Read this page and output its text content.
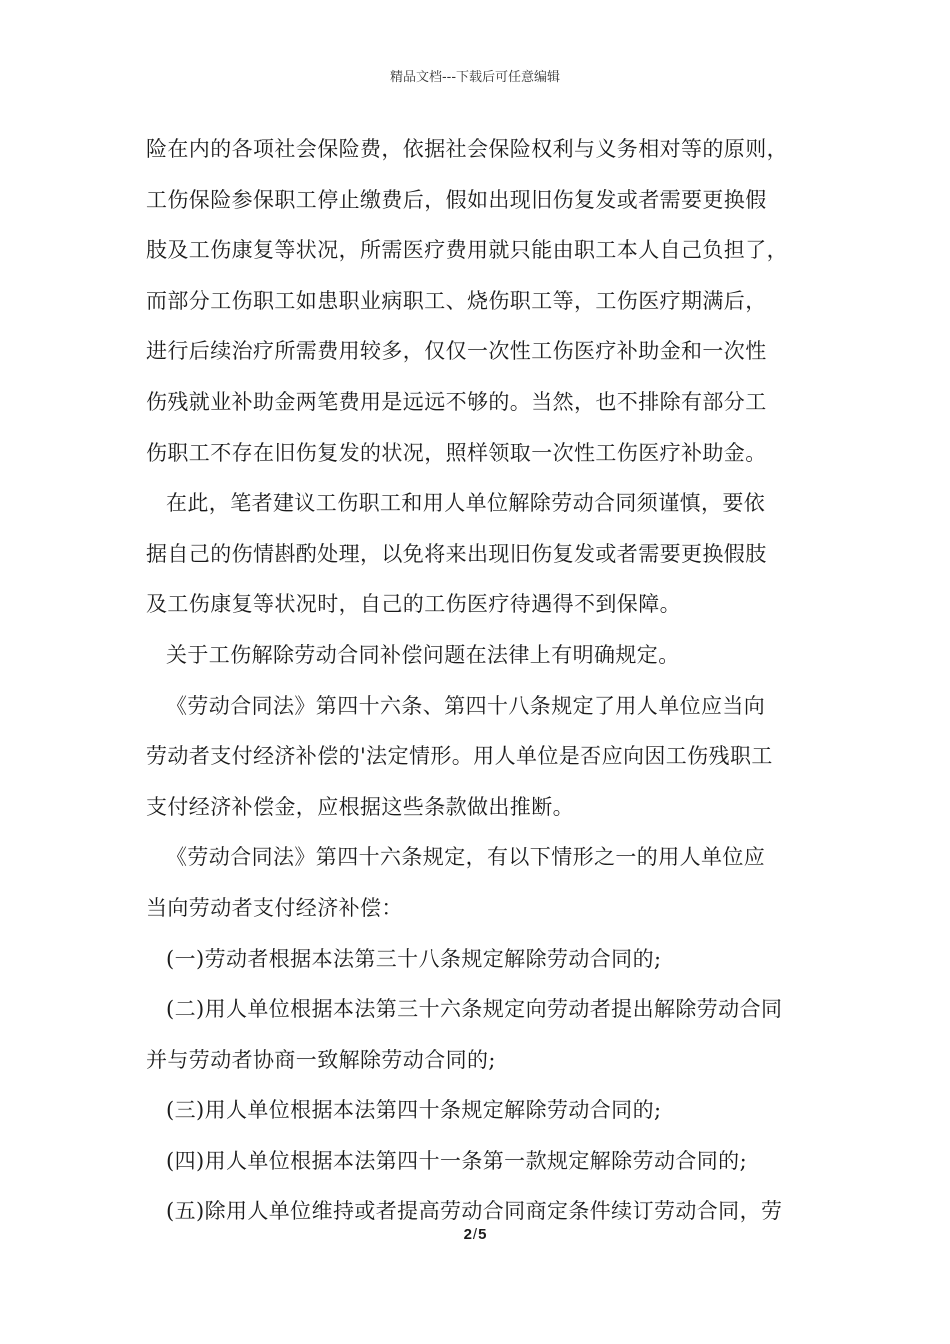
精品文档---下载后可任意编辑
险在内的各项社会保险费，依据社会保险权利与义务相对等的原则，
工伤保险参保职工停止缴费后，假如出现旧伤复发或者需要更换假
肢及工伤康复等状况，所需医疗费用就只能由职工本人自己负担了，
而部分工伤职工如患职业病职工、烧伤职工等，工伤医疗期满后，
进行后续治疗所需费用较多，仅仅一次性工伤医疗补助金和一次性
伤残就业补助金两笔费用是远远不够的。当然，也不排除有部分工
伤职工不存在旧伤复发的状况，照样领取一次性工伤医疗补助金。
在此，笔者建议工伤职工和用人单位解除劳动合同须谨慎，要依
据自己的伤情斟酌处理，以免将来出现旧伤复发或者需要更换假肢
及工伤康复等状况时，自己的工伤医疗待遇得不到保障。
关于工伤解除劳动合同补偿问题在法律上有明确规定。
《劳动合同法》第四十六条、第四十八条规定了用人单位应当向
劳动者支付经济补偿的'法定情形。用人单位是否应向因工伤残职工
支付经济补偿金，应根据这些条款做出推断。
《劳动合同法》第四十六条规定，有以下情形之一的用人单位应
当向劳动者支付经济补偿：
(一)劳动者根据本法第三十八条规定解除劳动合同的;
(二)用人单位根据本法第三十六条规定向劳动者提出解除劳动合同
并与劳动者协商一致解除劳动合同的;
(三)用人单位根据本法第四十条规定解除劳动合同的;
(四)用人单位根据本法第四十一条第一款规定解除劳动合同的;
(五)除用人单位维持或者提高劳动合同商定条件续订劳动合同，劳
2/5
